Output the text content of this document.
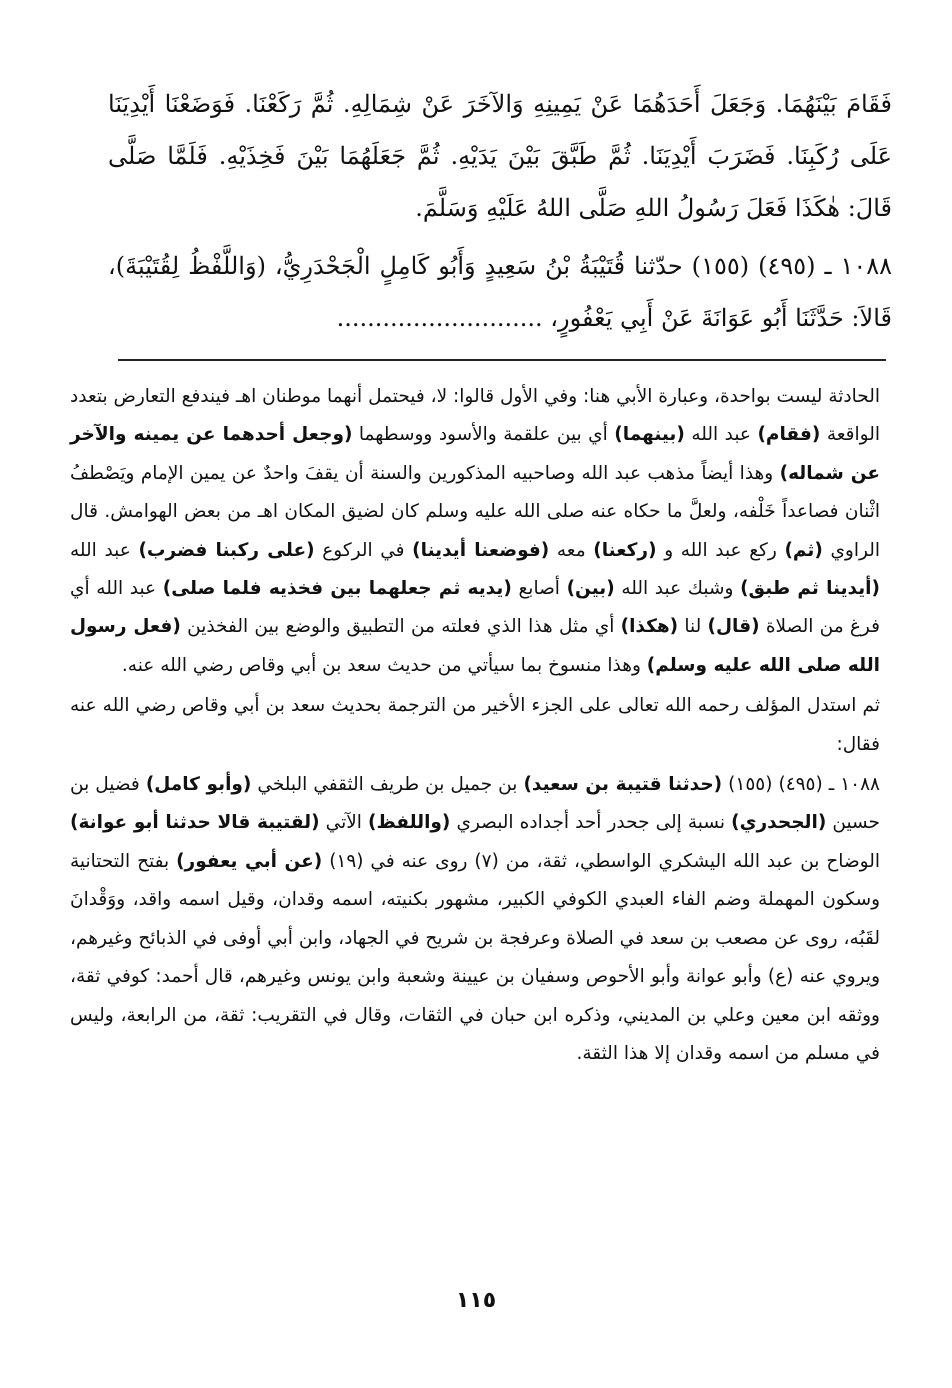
فَقَامَ بَيْنَهُمَا. وَجَعَلَ أَحَدَهُمَا عَنْ يَمِينِهِ وَالآخَرَ عَنْ شِمَالِهِ. ثُمَّ رَكَعْنَا. فَوَضَعْنَا أَيْدِيَنَا عَلَى رُكَبِنَا. فَضَرَبَ أَيْدِيَنَا. ثُمَّ طَبَّقَ بَيْنَ يَدَيْهِ. ثُمَّ جَعَلَهُمَا بَيْنَ فَخِذَيْهِ. فَلَمَّا صَلَّى قَالَ: هٰكَذَا فَعَلَ رَسُولُ اللهِ صَلَّى اللهُ عَلَيْهِ وَسَلَّمَ.

١٠٨٨ ـ (٤٩٥) (١٥٥) حدّثنا قُتَيْبَةُ بْنُ سَعِيدٍ وَأَبُو كَامِلٍ الْجَحْدَرِيُّ، (وَاللَّفْظُ لِقُتَيْبَةَ)، قَالاَ: حَدَّثَنَا أَبُو عَوَانَةَ عَنْ أَبِي يَعْفُورٍ، ...........................

الحادثة ليست بواحدة، وعبارة الأبي هنا: وفي الأول قالوا: لا، فيحتمل أنهما موطنان اهـ فيندفع التعارض بتعدد الواقعة (فقام) عبد الله (بينهما) أي بين علقمة والأسود ووسطهما (وجعل أحدهما عن يمينه والآخر عن شماله) وهذا أيضاً مذهب عبد الله وصاحبيه المذكورين والسنة أن يقفَ واحدٌ عن يمين الإمام ويَصْطفُ اثْنان فصاعداً خَلْفه، ولعلَّ ما حكاه عنه صلى الله عليه وسلم كان لضيق المكان اهـ من بعض الهوامش. قال الراوي (ثم) ركع عبد الله و (ركعنا) معه (فوضعنا أيدينا) في الركوع (على ركبنا فضرب) عبد الله (أيدينا ثم طبق) وشبك عبد الله (بين) أصابع (يديه ثم جعلهما بين فخذيه فلما صلى) عبد الله أي فرغ من الصلاة (قال) لنا (هكذا) أي مثل هذا الذي فعلته من التطبيق والوضع بين الفخذين (فعل رسول الله صلى الله عليه وسلم) وهذا منسوخ بما سيأتي من حديث سعد بن أبي وقاص رضي الله عنه.

ثم استدل المؤلف رحمه الله تعالى على الجزء الأخير من الترجمة بحديث سعد بن أبي وقاص رضي الله عنه فقال:

١٠٨٨ ـ (٤٩٥) (١٥٥) (حدثنا قتيبة بن سعيد) بن جميل بن طريف الثقفي البلخي (وأبو كامل) فضيل بن حسين (الجحدري) نسبة إلى جحدر أحد أجداده البصري (واللفظ) الآتي (لقتيبة قالا حدثنا أبو عوانة) الوضاح بن عبد الله اليشكري الواسطي، ثقة، من (٧) روى عنه في (١٩) (عن أبي يعفور) بفتح التحتانية وسكون المهملة وضم الفاء العبدي الكوفي الكبير، مشهور بكنيته، اسمه وقدان، وقيل اسمه واقد، ووَقْدانَ لقَبُه، روى عن مصعب بن سعد في الصلاة وعرفجة بن شريح في الجهاد، وابن أبي أوفى في الذبائح وغيرهم، ويروي عنه (ع) وأبو عوانة وأبو الأحوص وسفيان بن عيينة وشعبة وابن يونس وغيرهم، قال أحمد: كوفي ثقة، ووثقه ابن معين وعلي بن المديني، وذكره ابن حبان في الثقات، وقال في التقريب: ثقة، من الرابعة، وليس في مسلم من اسمه وقدان إلا هذا الثقة.

١١٥
